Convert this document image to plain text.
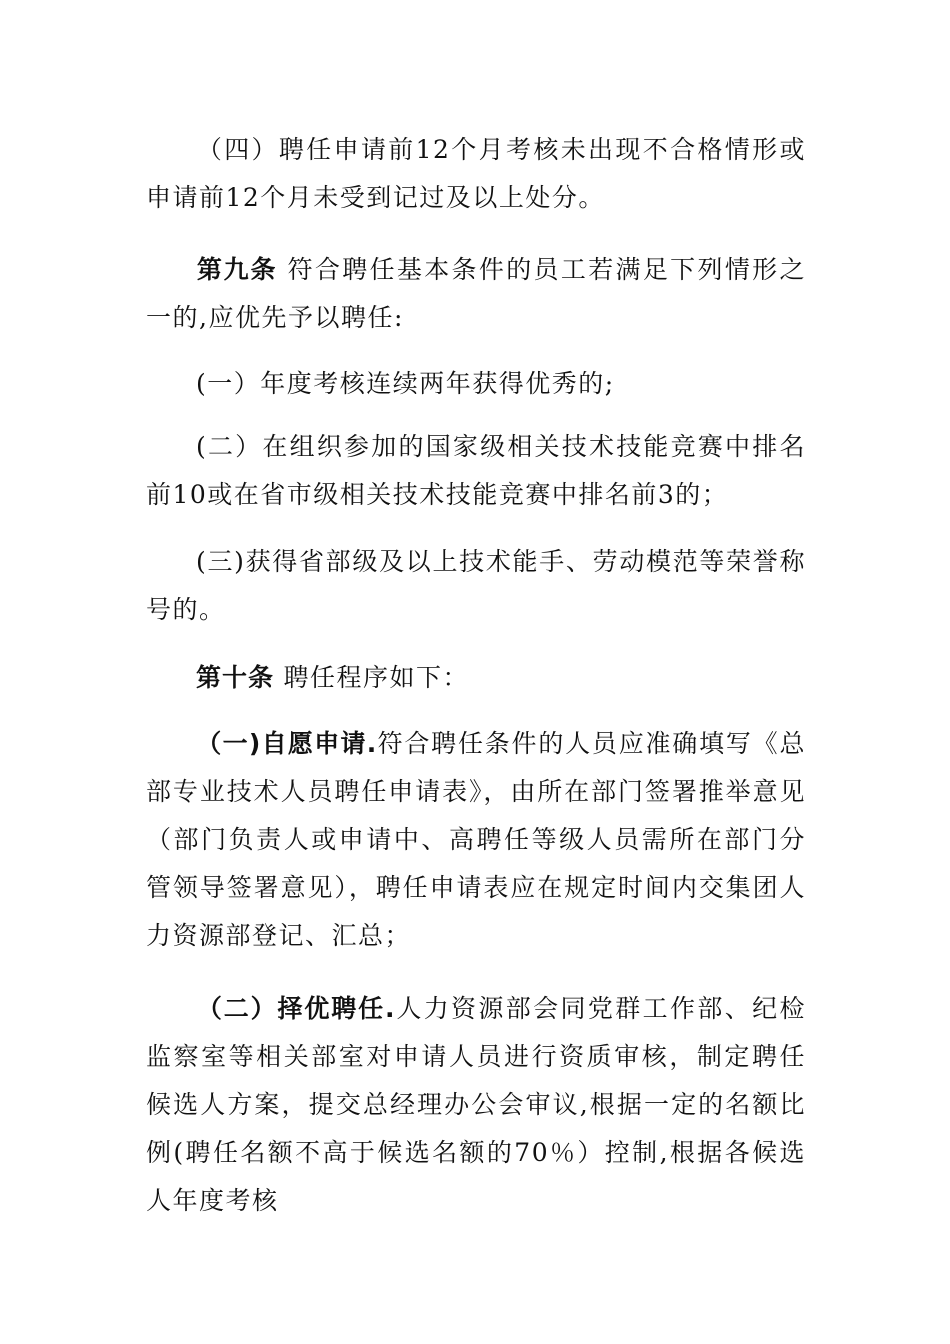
（四）聘任申请前12个月考核未出现不合格情形或申请前12个月未受到记过及以上处分。

第九条 符合聘任基本条件的员工若满足下列情形之一的,应优先予以聘任:

(一）年度考核连续两年获得优秀的;

(二）在组织参加的国家级相关技术技能竞赛中排名前10或在省市级相关技术技能竞赛中排名前3的；

(三)获得省部级及以上技术能手、劳动模范等荣誉称号的。

第十条 聘任程序如下：

（一)自愿申请.符合聘任条件的人员应准确填写《总部专业技术人员聘任申请表》，由所在部门签署推举意见（部门负责人或申请中、高聘任等级人员需所在部门分管领导签署意见），聘任申请表应在规定时间内交集团人力资源部登记、汇总；

（二）择优聘任.人力资源部会同党群工作部、纪检监察室等相关部室对申请人员进行资质审核，制定聘任候选人方案，提交总经理办公会审议,根据一定的名额比例(聘任名额不高于候选名额的70％）控制,根据各候选人年度考核
